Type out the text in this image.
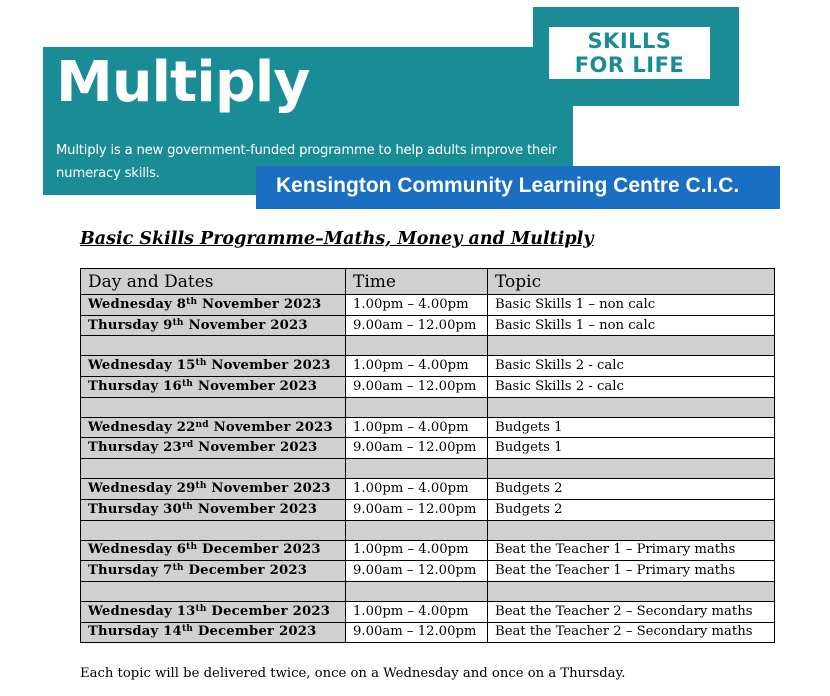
Multiply
Multiply is a new government-funded programme to help adults improve their
numeracy skills.
SKILLS
FOR LIFE
Kensington Community Learning Centre C.I.C.
Basic Skills Programme–Maths, Money and Multiply
Day and Dates	Time	Topic
Wednesday 8th November 2023	1.00pm – 4.00pm	Basic Skills 1 – non calc
Thursday 9th November 2023	9.00am – 12.00pm	Basic Skills 1 – non calc

Wednesday 15th November 2023	1.00pm – 4.00pm	Basic Skills 2 - calc
Thursday 16th November 2023	9.00am – 12.00pm	Basic Skills 2 - calc

Wednesday 22nd November 2023	1.00pm – 4.00pm	Budgets 1
Thursday 23rd November 2023	9.00am – 12.00pm	Budgets 1

Wednesday 29th November 2023	1.00pm – 4.00pm	Budgets 2
Thursday 30th November 2023	9.00am – 12.00pm	Budgets 2

Wednesday 6th December 2023	1.00pm – 4.00pm	Beat the Teacher 1 – Primary maths
Thursday 7th December 2023	9.00am – 12.00pm	Beat the Teacher 1 – Primary maths

Wednesday 13th December 2023	1.00pm – 4.00pm	Beat the Teacher 2 – Secondary maths
Thursday 14th December 2023	9.00am – 12.00pm	Beat the Teacher 2 – Secondary maths
Each topic will be delivered twice, once on a Wednesday and once on a Thursday.
